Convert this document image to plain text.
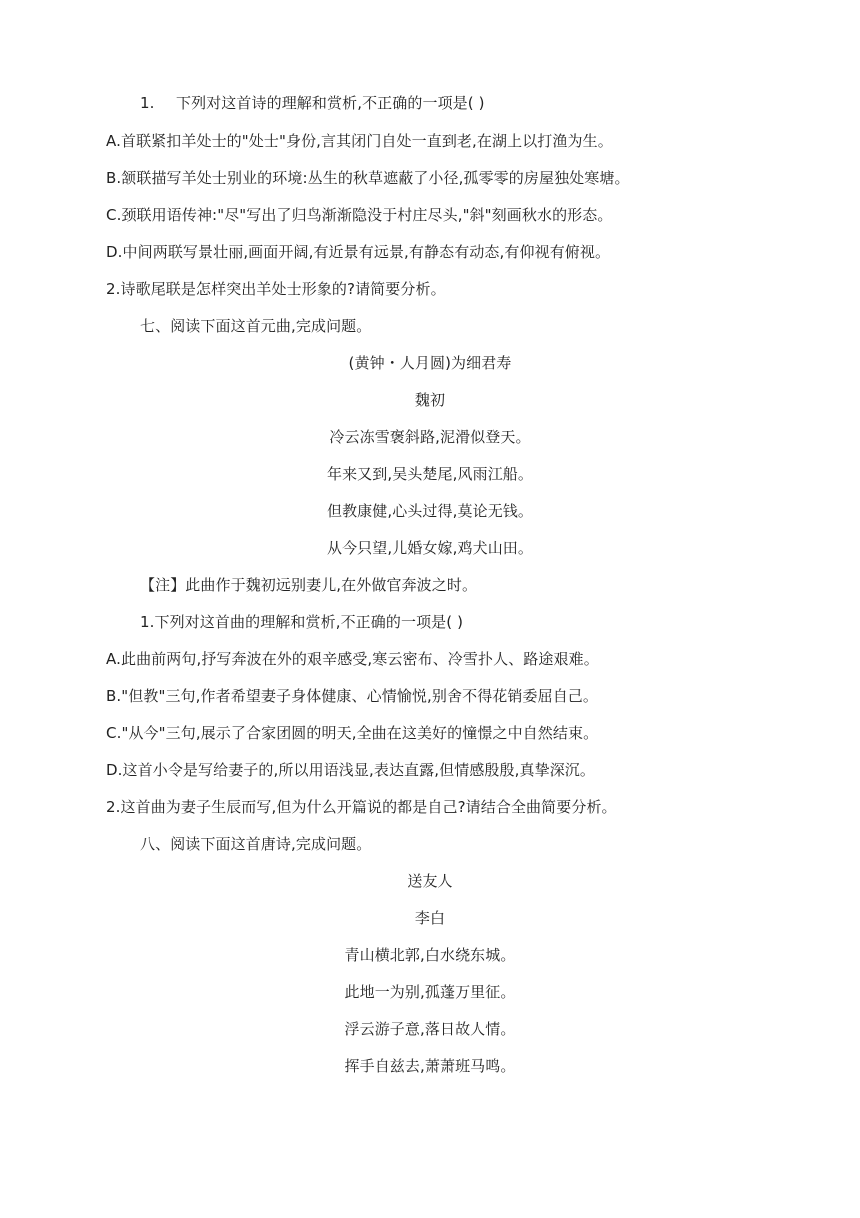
1. 下列对这首诗的理解和赏析,不正确的一项是( )
A.首联紧扣羊处士的"处士"身份,言其闭门自处一直到老,在湖上以打渔为生。
B.颔联描写羊处士别业的环境:丛生的秋草遮蔽了小径,孤零零的房屋独处寒塘。
C.颈联用语传神:"尽"写出了归鸟渐渐隐没于村庄尽头,"斜"刻画秋水的形态。
D.中间两联写景壮丽,画面开阔,有近景有远景,有静态有动态,有仰视有俯视。
2.诗歌尾联是怎样突出羊处士形象的?请简要分析。
七、阅读下面这首元曲,完成问题。
(黄钟・人月圆)为细君寿
魏初
冷云冻雪褒斜路,泥滑似登天。
年来又到,吴头楚尾,风雨江船。
但教康健,心头过得,莫论无钱。
从今只望,儿婚女嫁,鸡犬山田。
【注】此曲作于魏初远别妻儿,在外做官奔波之时。
1.下列对这首曲的理解和赏析,不正确的一项是( )
A.此曲前两句,抒写奔波在外的艰辛感受,寒云密布、冷雪扑人、路途艰难。
B."但教"三句,作者希望妻子身体健康、心情愉悦,别舍不得花销委屈自己。
C."从今"三句,展示了合家团圆的明天,全曲在这美好的憧憬之中自然结束。
D.这首小令是写给妻子的,所以用语浅显,表达直露,但情感殷殷,真挚深沉。
2.这首曲为妻子生辰而写,但为什么开篇说的都是自己?请结合全曲简要分析。
八、阅读下面这首唐诗,完成问题。
送友人
李白
青山横北郭,白水绕东城。
此地一为别,孤蓬万里征。
浮云游子意,落日故人情。
挥手自兹去,萧萧班马鸣。
